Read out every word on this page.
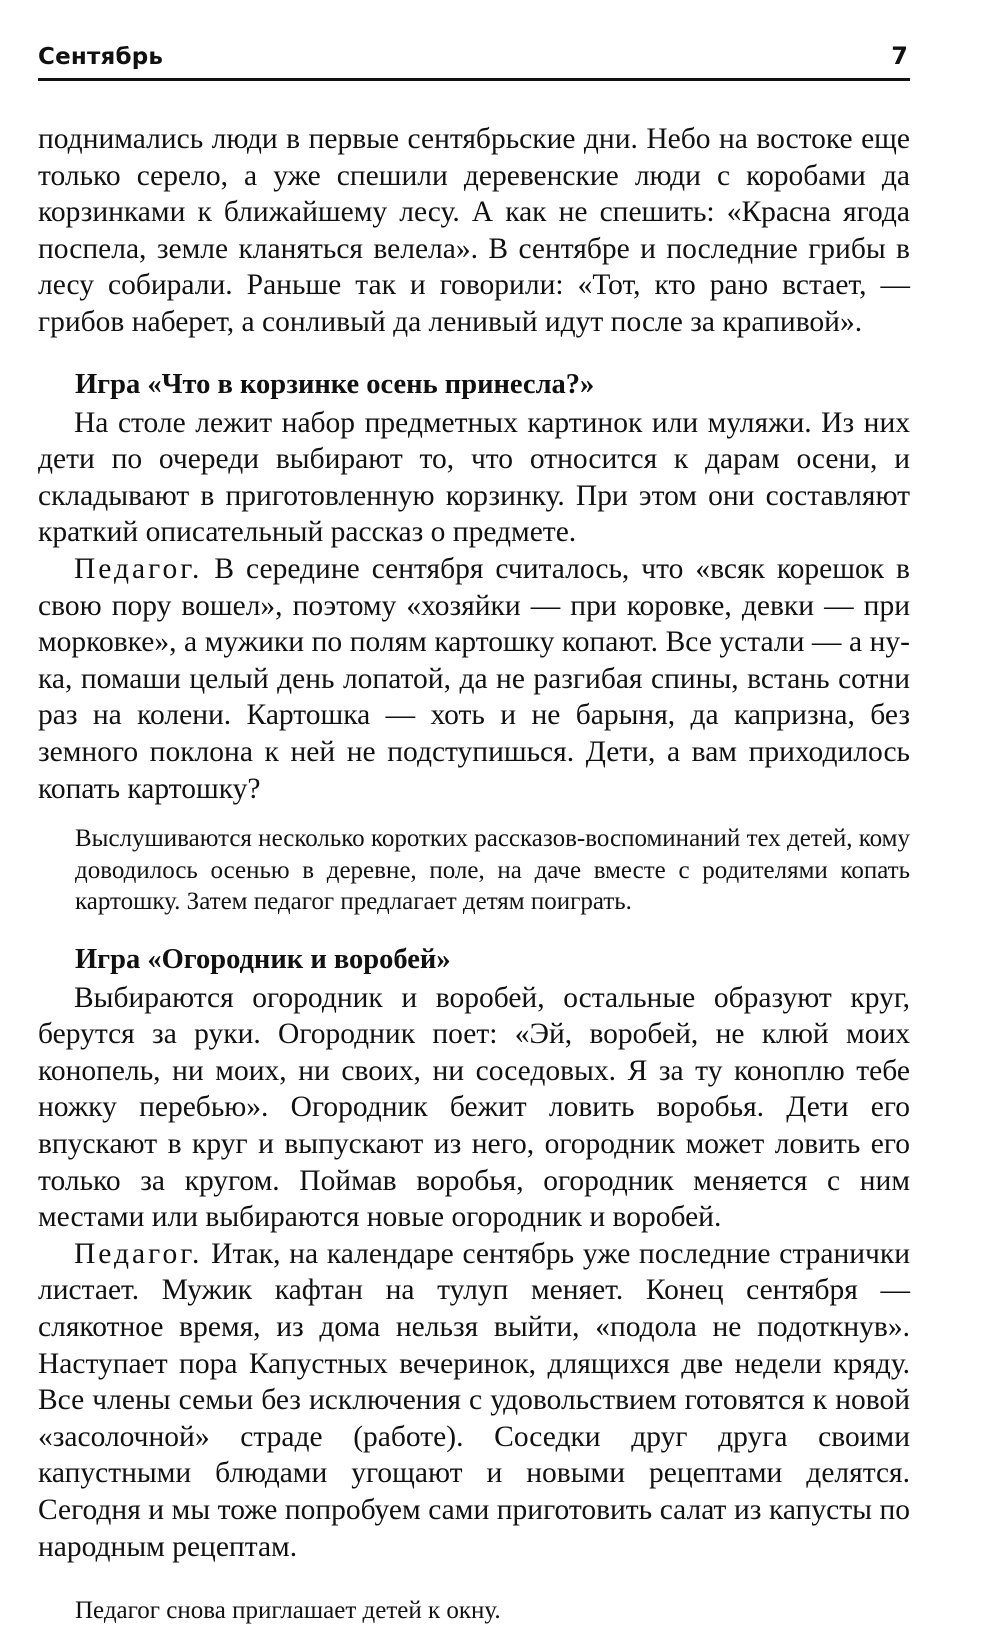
Сентябрь	7

поднимались люди в первые сентябрьские дни. Небо на востоке еще только серело, а уже спешили деревенские люди с коробами да корзинками к ближайшему лесу. А как не спешить: «Красна ягода поспела, земле кланяться велела». В сентябре и последние грибы в лесу собирали. Раньше так и говорили: «Тот, кто рано встает, — грибов наберет, а сонливый да ленивый идут после за крапивой».

Игра «Что в корзинке осень принесла?»

На столе лежит набор предметных картинок или муляжи. Из них дети по очереди выбирают то, что относится к дарам осени, и складывают в приготовленную корзинку. При этом они составляют краткий описательный рассказ о предмете.

Педагог. В середине сентября считалось, что «всяк корешок в свою пору вошел», поэтому «хозяйки — при коровке, девки — при морковке», а мужики по полям картошку копают. Все устали — а ну-ка, помаши целый день лопатой, да не разгибая спины, встань сотни раз на колени. Картошка — хоть и не барыня, да капризна, без земного поклона к ней не подступишься. Дети, а вам приходилось копать картошку?

Выслушиваются несколько коротких рассказов-воспоминаний тех детей, кому доводилось осенью в деревне, поле, на даче вместе с родителями копать картошку. Затем педагог предлагает детям поиграть.

Игра «Огородник и воробей»

Выбираются огородник и воробей, остальные образуют круг, берутся за руки. Огородник поет: «Эй, воробей, не клюй моих конопель, ни моих, ни своих, ни соседовых. Я за ту коноплю тебе ножку перебью». Огородник бежит ловить воробья. Дети его впускают в круг и выпускают из него, огородник может ловить его только за кругом. Поймав воробья, огородник меняется с ним местами или выбираются новые огородник и воробей.

Педагог. Итак, на календаре сентябрь уже последние странички листает. Мужик кафтан на тулуп меняет. Конец сентября — слякотное время, из дома нельзя выйти, «подола не подоткнув». Наступает пора Капустных вечеринок, длящихся две недели кряду. Все члены семьи без исключения с удовольствием готовятся к новой «засолочной» страде (работе). Соседки друг друга своими капустными блюдами угощают и новыми рецептами делятся. Сегодня и мы тоже попробуем сами приготовить салат из капусты по народным рецептам.

Педагог снова приглашает детей к окну.
